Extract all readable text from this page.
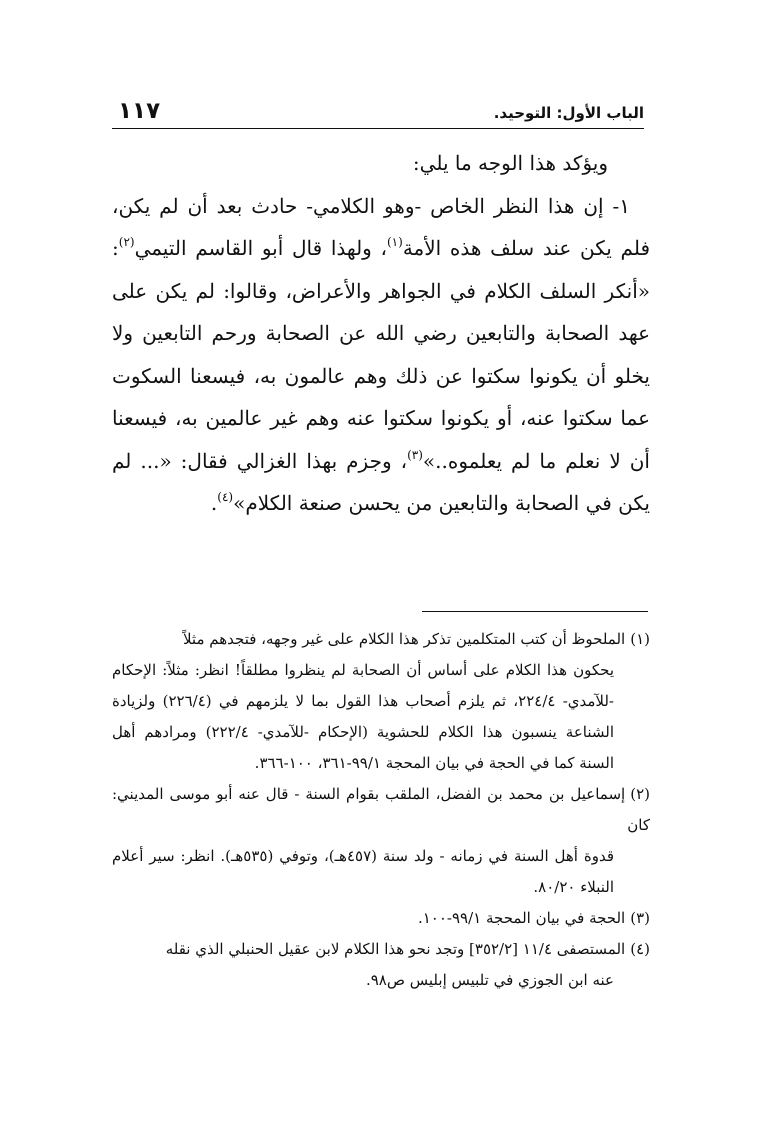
الباب الأول: التوحيد.
١١٧

ويؤكد هذا الوجه ما يلي:

١- إن هذا النظر الخاص -وهو الكلامي- حادث بعد أن لم يكن، فلم يكن عند سلف هذه الأمة$^{(١)}$، ولهذا قال أبو القاسم التيمي$^{(٢)}$: «أنكر السلف الكلام في الجواهر والأعراض، وقالوا: لم يكن على عهد الصحابة والتابعين رضي الله عن الصحابة ورحم التابعين ولا يخلو أن يكونوا سكتوا عن ذلك وهم عالمون به، فيسعنا السكوت عما سكتوا عنه، أو يكونوا سكتوا عنه وهم غير عالمين به، فيسعنا أن لا نعلم ما لم يعلموه..»$^{(٣)}$، وجزم بهذا الغزالي فقال: «... لم يكن في الصحابة والتابعين من يحسن صنعة الكلام»$^{(٤)}$.

(١)الملحوظ أن كتب المتكلمين تذكر هذا الكلام على غير وجهه، فتجدهم مثلاً
يحكون هذا الكلام على أساس أن الصحابة لم ينظروا مطلقاً! انظر: مثلاً: الإحكام -للآمدي- ٢٢٤/٤، ثم يلزم أصحاب هذا القول بما لا يلزمهم في (٢٢٦/٤) ولزيادة الشناعة ينسبون هذا الكلام للحشوية (الإحكام -للآمدي- ٢٢٢/٤) ومرادهم أهل السنة كما في الحجة في بيان المحجة ٩٩/١-٣٦١، ١٠٠-٣٦٦.

(٢)إسماعيل بن محمد بن الفضل، الملقب بقوام السنة - قال عنه أبو موسى المديني: كان
قدوة أهل السنة في زمانه - ولد سنة (٤٥٧هـ)، وتوفي (٥٣٥هـ). انظر: سير أعلام النبلاء ٨٠/٢٠.

(٣)الحجة في بيان المحجة ٩٩/١-١٠٠.

(٤)المستصفى ١١/٤ [٣٥٢/٢] وتجد نحو هذا الكلام لابن عقيل الحنبلي الذي نقله
عنه ابن الجوزي في تلبيس إبليس ص٩٨.
